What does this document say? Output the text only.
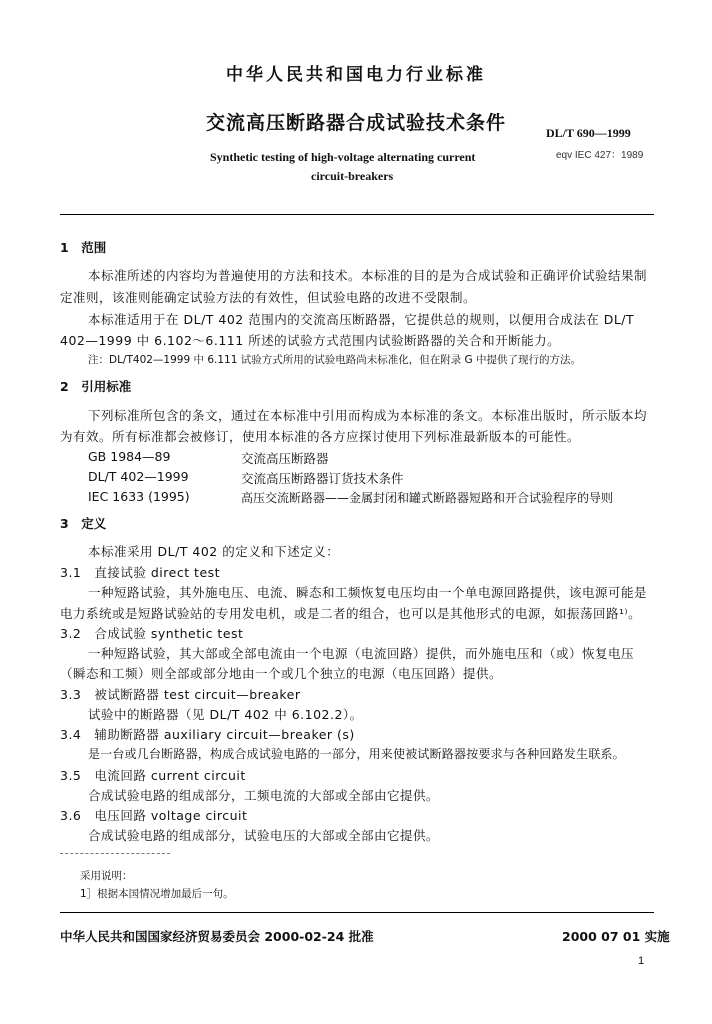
中华人民共和国电力行业标准
交流高压断路器合成试验技术条件	DL/T 690—1999
eqv IEC 427：1989
Synthetic testing of high-voltage alternating current
circuit-breakers
1　范围
本标准所述的内容均为普遍使用的方法和技术。本标准的目的是为合成试验和正确评价试验结果制
定准则，该准则能确定试验方法的有效性，但试验电路的改进不受限制。
本标准适用于在 DL/T 402 范围内的交流高压断路器，它提供总的规则，以便用合成法在 DL/T
402—1999 中 6.102～6.111 所述的试验方式范围内试验断路器的关合和开断能力。
注：DL/T402—1999 中 6.111 试验方式所用的试验电路尚未标准化，但在附录 G 中提供了现行的方法。
2　引用标准
下列标准所包含的条文，通过在本标准中引用而构成为本标准的条文。本标准出版时，所示版本均
为有效。所有标准都会被修订，使用本标准的各方应探讨使用下列标准最新版本的可能性。
GB 1984—89	交流高压断路器
DL/T 402—1999	交流高压断路器订货技术条件
IEC 1633 (1995)	高压交流断路器——金属封闭和罐式断路器短路和开合试验程序的导则
3　定义
本标准采用 DL/T 402 的定义和下述定义：
3.1　直接试验 direct test
一种短路试验，其外施电压、电流、瞬态和工频恢复电压均由一个单电源回路提供，该电源可能是
电力系统或是短路试验站的专用发电机，或是二者的组合，也可以是其他形式的电源，如振荡回路¹⁾。
3.2　合成试验 synthetic test
一种短路试验，其大部或全部电流由一个电源（电流回路）提供，而外施电压和（或）恢复电压
（瞬态和工频）则全部或部分地由一个或几个独立的电源（电压回路）提供。
3.3　被试断路器 test circuit—breaker
试验中的断路器（见 DL/T 402 中 6.102.2）。
3.4　辅助断路器 auxiliary circuit—breaker (s)
是一台或几台断路器，构成合成试验电路的一部分，用来使被试断路器按要求与各种回路发生联系。
3.5　电流回路 current circuit
合成试验电路的组成部分，工频电流的大部或全部由它提供。
3.6　电压回路 voltage circuit
合成试验电路的组成部分，试验电压的大部或全部由它提供。
采用说明：
1］根据本国情况增加最后一句。
中华人民共和国国家经济贸易委员会 2000-02-24 批准	2000 07 01 实施
1
